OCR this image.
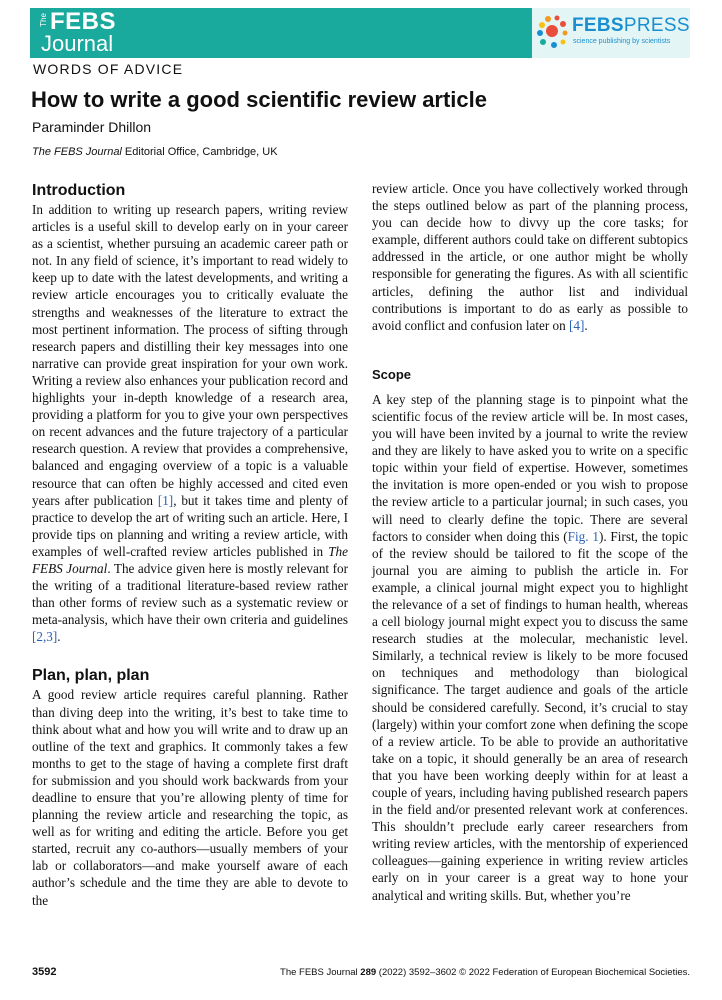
The FEBS
Journal
FEBSPRESS
science publishing by scientists
WORDS OF ADVICE
How to write a good scientific review article
Paraminder Dhillon
The FEBS Journal Editorial Office, Cambridge, UK
Introduction

In addition to writing up research papers, writing review articles is a useful skill to develop early on in your career as a scientist, whether pursuing an academic career path or not. In any field of science, it’s important to read widely to keep up to date with the latest developments, and writing a review article encourages you to critically evaluate the strengths and weaknesses of the literature to extract the most pertinent information. The process of sifting through research papers and distilling their key messages into one narrative can provide great inspiration for your own work. Writing a review also enhances your publication record and highlights your in-depth knowledge of a research area, providing a platform for you to give your own perspectives on recent advances and the future trajectory of a particular research question. A review that provides a comprehensive, balanced and engaging overview of a topic is a valuable resource that can often be highly accessed and cited even years after publication [1], but it takes time and plenty of practice to develop the art of writing such an article. Here, I provide tips on planning and writing a review article, with examples of well-crafted review articles published in The FEBS Journal. The advice given here is mostly relevant for the writing of a traditional literature-based review rather than other forms of review such as a systematic review or meta-analysis, which have their own criteria and guidelines [2,3].

Plan, plan, plan

A good review article requires careful planning. Rather than diving deep into the writing, it’s best to take time to think about what and how you will write and to draw up an outline of the text and graphics. It commonly takes a few months to get to the stage of having a complete first draft for submission and you should work backwards from your deadline to ensure that you’re allowing plenty of time for planning the review article and researching the topic, as well as for writing and editing the article. Before you get started, recruit any co-authors—usually members of your lab or collaborators—and make yourself aware of each author’s schedule and the time they are able to devote to the

review article. Once you have collectively worked through the steps outlined below as part of the planning process, you can decide how to divvy up the core tasks; for example, different authors could take on different subtopics addressed in the article, or one author might be wholly responsible for generating the figures. As with all scientific articles, defining the author list and individual contributions is important to do as early as possible to avoid conflict and confusion later on [4].

Scope

A key step of the planning stage is to pinpoint what the scientific focus of the review article will be. In most cases, you will have been invited by a journal to write the review and they are likely to have asked you to write on a specific topic within your field of expertise. However, sometimes the invitation is more open-ended or you wish to propose the review article to a particular journal; in such cases, you will need to clearly define the topic. There are several factors to consider when doing this (Fig. 1). First, the topic of the review should be tailored to fit the scope of the journal you are aiming to publish the article in. For example, a clinical journal might expect you to highlight the relevance of a set of findings to human health, whereas a cell biology journal might expect you to discuss the same research studies at the molecular, mechanistic level. Similarly, a technical review is likely to be more focused on techniques and methodology than biological significance. The target audience and goals of the article should be considered carefully. Second, it’s crucial to stay (largely) within your comfort zone when defining the scope of a review article. To be able to provide an authoritative take on a topic, it should generally be an area of research that you have been working deeply within for at least a couple of years, including having published research papers in the field and/or presented relevant work at conferences. This shouldn’t preclude early career researchers from writing review articles, with the mentorship of experienced colleagues—gaining experience in writing review articles early on in your career is a great way to hone your analytical and writing skills. But, whether you’re

3592	The FEBS Journal 289 (2022) 3592–3602 © 2022 Federation of European Biochemical Societies.
